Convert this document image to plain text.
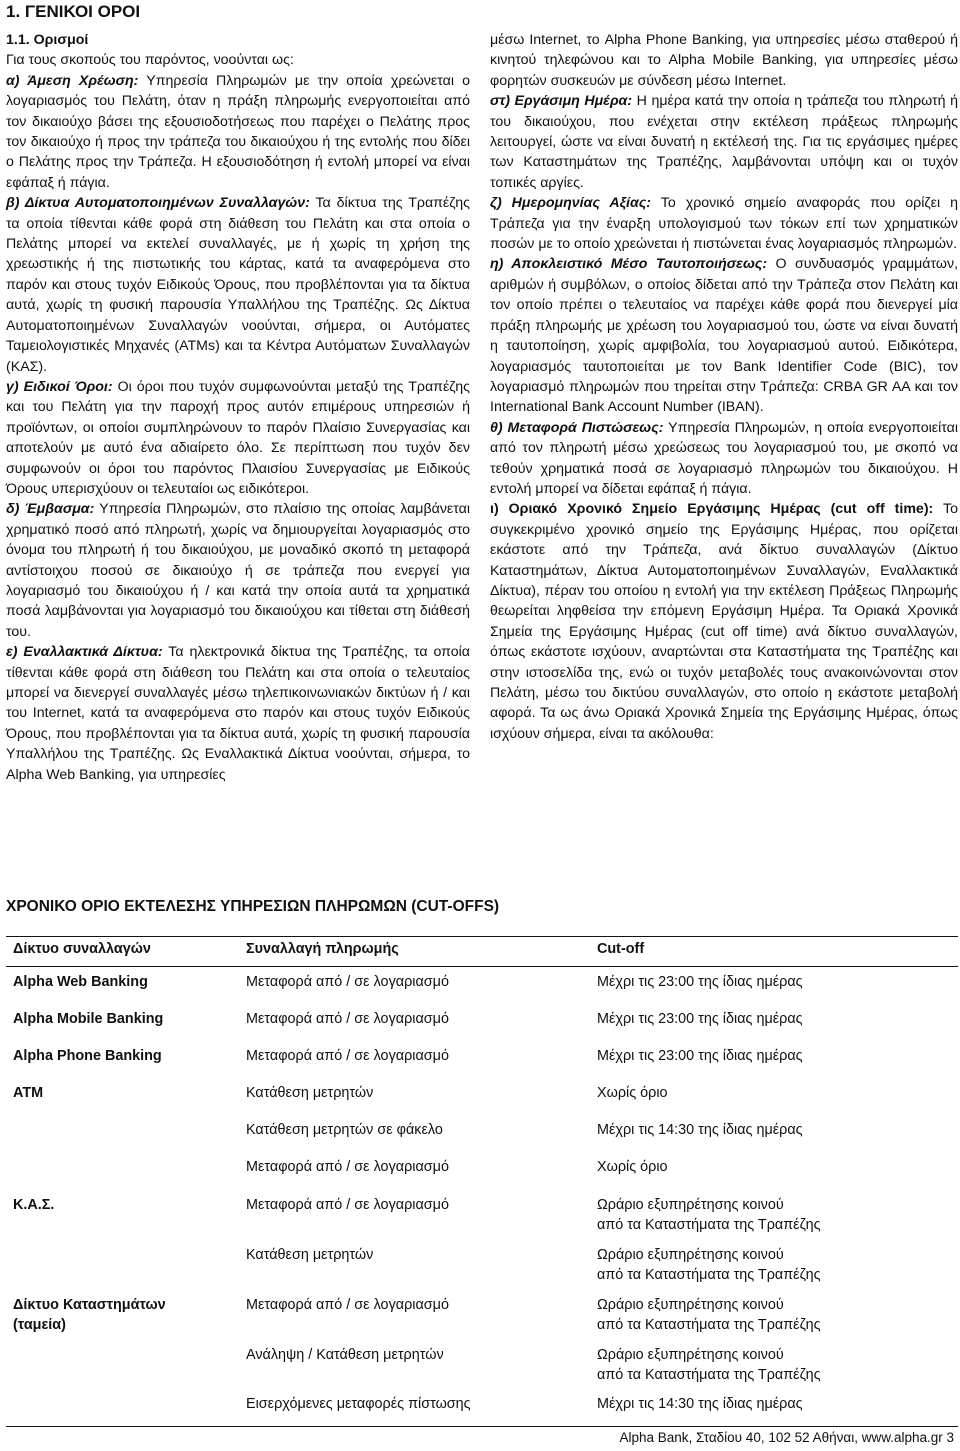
1. ΓΕΝΙΚΟΙ ΟΡΟΙ

1.1. Ορισμοί

Για τους σκοπούς του παρόντος, νοούνται ως:

α) Άμεση Χρέωση: Υπηρεσία Πληρωμών με την οποία χρεώνεται ο λογαριασμός του Πελάτη, όταν η πράξη πληρωμής ενεργοποιείται από τον δικαιούχο βάσει της εξουσιοδοτήσεως που παρέχει ο Πελάτης προς τον δικαιούχο ή προς την τράπεζα του δικαιούχου ή της εντολής που δίδει ο Πελάτης προς την Τράπεζα. Η εξουσιοδότηση ή εντολή μπορεί να είναι εφάπαξ ή πάγια.

β) Δίκτυα Αυτοματοποιημένων Συναλλαγών: Τα δίκτυα της Τραπέζης τα οποία τίθενται κάθε φορά στη διάθεση του Πελάτη και στα οποία ο Πελάτης μπορεί να εκτελεί συναλλαγές, με ή χωρίς τη χρήση της χρεωστικής ή της πιστωτικής του κάρτας, κατά τα αναφερόμενα στο παρόν και στους τυχόν Ειδικούς Όρους, που προβλέπονται για τα δίκτυα αυτά, χωρίς τη φυσική παρουσία Υπαλλήλου της Τραπέζης. Ως Δίκτυα Αυτοματοποιημένων Συναλλαγών νοούνται, σήμερα, οι Αυτόματες Ταμειολογιστικές Μηχανές (ΑΤΜs) και τα Κέντρα Αυτόματων Συναλλαγών (ΚΑΣ).

γ) Ειδικοί Όροι: Οι όροι που τυχόν συμφωνούνται μεταξύ της Τραπέζης και του Πελάτη για την παροχή προς αυτόν επιμέρους υπηρεσιών ή προϊόντων, οι οποίοι συμπληρώνουν το παρόν Πλαίσιο Συνεργασίας και αποτελούν με αυτό ένα αδιαίρετο όλο. Σε περίπτωση που τυχόν δεν συμφωνούν οι όροι του παρόντος Πλαισίου Συνεργασίας με Ειδικούς Όρους υπερισχύουν οι τελευταίοι ως ειδικότεροι.

δ) Έμβασμα: Υπηρεσία Πληρωμών, στο πλαίσιο της οποίας λαμβάνεται χρηματικό ποσό από πληρωτή, χωρίς να δημιουργείται λογαριασμός στο όνομα του πληρωτή ή του δικαιούχου, με μοναδικό σκοπό τη μεταφορά αντίστοιχου ποσού σε δικαιούχο ή σε τράπεζα που ενεργεί για λογαριασμό του δικαιούχου ή / και κατά την οποία αυτά τα χρηματικά ποσά λαμβάνονται για λογαριασμό του δικαιούχου και τίθεται στη διάθεσή του.

ε) Εναλλακτικά Δίκτυα: Τα ηλεκτρονικά δίκτυα της Τραπέζης, τα οποία τίθενται κάθε φορά στη διάθεση του Πελάτη και στα οποία ο τελευταίος μπορεί να διενεργεί συναλλαγές μέσω τηλεπικοινωνιακών δικτύων ή / και του Internet, κατά τα αναφερόμενα στο παρόν και στους τυχόν Ειδικούς Όρους, που προβλέπονται για τα δίκτυα αυτά, χωρίς τη φυσική παρουσία Υπαλλήλου της Τραπέζης. Ως Εναλλακτικά Δίκτυα νοούνται, σήμερα, το Alpha Web Banking, για υπηρεσίες

μέσω Internet, το Alpha Phone Banking, για υπηρεσίες μέσω σταθερού ή κινητού τηλεφώνου και το Alpha Mobile Banking, για υπηρεσίες μέσω φορητών συσκευών με σύνδεση μέσω Internet.

στ) Εργάσιμη Ημέρα: Η ημέρα κατά την οποία η τράπεζα του πληρωτή ή του δικαιούχου, που ενέχεται στην εκτέλεση πράξεως πληρωμής λειτουργεί, ώστε να είναι δυνατή η εκτέλεσή της. Για τις εργάσιμες ημέρες των Καταστημάτων της Τραπέζης, λαμβάνονται υπόψη και οι τυχόν τοπικές αργίες.

ζ) Ημερομηνίας Αξίας: Το χρονικό σημείο αναφοράς που ορίζει η Τράπεζα για την έναρξη υπολογισμού των τόκων επί των χρηματικών ποσών με το οποίο χρεώνεται ή πιστώνεται ένας λογαριασμός πληρωμών.

η) Αποκλειστικό Μέσο Ταυτοποιήσεως: Ο συνδυασμός γραμμάτων, αριθμών ή συμβόλων, ο οποίος δίδεται από την Τράπεζα στον Πελάτη και τον οποίο πρέπει ο τελευταίος να παρέχει κάθε φορά που διενεργεί μία πράξη πληρωμής με χρέωση του λογαριασμού του, ώστε να είναι δυνατή η ταυτοποίηση, χωρίς αμφιβολία, του λογαριασμού αυτού. Ειδικότερα, λογαριασμός ταυτοποιείται με τον Bank Identifier Code (BIC), τον λογαριασμό πληρωμών που τηρείται στην Τράπεζα: CRBA GR AA και τον International Bank Account Number (IBAN).

θ) Μεταφορά Πιστώσεως: Υπηρεσία Πληρωμών, η οποία ενεργοποιείται από τον πληρωτή μέσω χρεώσεως του λογαριασμού του, με σκοπό να τεθούν χρηματικά ποσά σε λογαριασμό πληρωμών του δικαιούχου. Η εντολή μπορεί να δίδεται εφάπαξ ή πάγια.

ι) Οριακό Χρονικό Σημείο Εργάσιμης Ημέρας (cut off time): Το συγκεκριμένο χρονικό σημείο της Εργάσιμης Ημέρας, που ορίζεται εκάστοτε από την Τράπεζα, ανά δίκτυο συναλλαγών (Δίκτυο Καταστημάτων, Δίκτυα Αυτοματοποιημένων Συναλλαγών, Εναλλακτικά Δίκτυα), πέραν του οποίου η εντολή για την εκτέλεση Πράξεως Πληρωμής θεωρείται ληφθείσα την επόμενη Εργάσιμη Ημέρα. Τα Οριακά Χρονικά Σημεία της Εργάσιμης Ημέρας (cut off time) ανά δίκτυο συναλλαγών, όπως εκάστοτε ισχύουν, αναρτώνται στα Καταστήματα της Τραπέζης και στην ιστοσελίδα της, ενώ οι τυχόν μεταβολές τους ανακοινώνονται στον Πελάτη, μέσω του δικτύου συναλλαγών, στο οποίο η εκάστοτε μεταβολή αφορά. Τα ως άνω Οριακά Χρονικά Σημεία της Εργάσιμης Ημέρας, όπως ισχύουν σήμερα, είναι τα ακόλουθα:

ΧΡΟΝΙΚΟ ΟΡΙΟ ΕΚΤΕΛΕΣΗΣ ΥΠΗΡΕΣΙΩΝ ΠΛΗΡΩΜΩΝ (CUT-OFFS)
Δίκτυο συναλλαγών	Συναλλαγή πληρωμής	Cut-off
Alpha Web Banking	Μεταφορά από / σε λογαριασμό	Μέχρι τις 23:00 της ίδιας ημέρας
Alpha Mobile Banking	Μεταφορά από / σε λογαριασμό	Μέχρι τις 23:00 της ίδιας ημέρας
Alpha Phone Banking	Μεταφορά από / σε λογαριασμό	Μέχρι τις 23:00 της ίδιας ημέρας
ATM	Κατάθεση μετρητών	Χωρίς όριο
	Κατάθεση μετρητών σε φάκελο	Μέχρι τις 14:30 της ίδιας ημέρας
	Μεταφορά από / σε λογαριασμό	Χωρίς όριο
Κ.Α.Σ.	Μεταφορά από / σε λογαριασμό	Ωράριο εξυπηρέτησης κοινού
από τα Καταστήματα της Τραπέζης
	Κατάθεση μετρητών	Ωράριο εξυπηρέτησης κοινού
από τα Καταστήματα της Τραπέζης
Δίκτυο Καταστημάτων
(ταμεία)	Μεταφορά από / σε λογαριασμό	Ωράριο εξυπηρέτησης κοινού
από τα Καταστήματα της Τραπέζης
	Ανάληψη / Κατάθεση μετρητών	Ωράριο εξυπηρέτησης κοινού
από τα Καταστήματα της Τραπέζης
	Εισερχόμενες μεταφορές πίστωσης	Μέχρι τις 14:30 της ίδιας ημέρας
Alpha Bank, Σταδίου 40, 102 52 Αθήναι, www.alpha.gr 3
